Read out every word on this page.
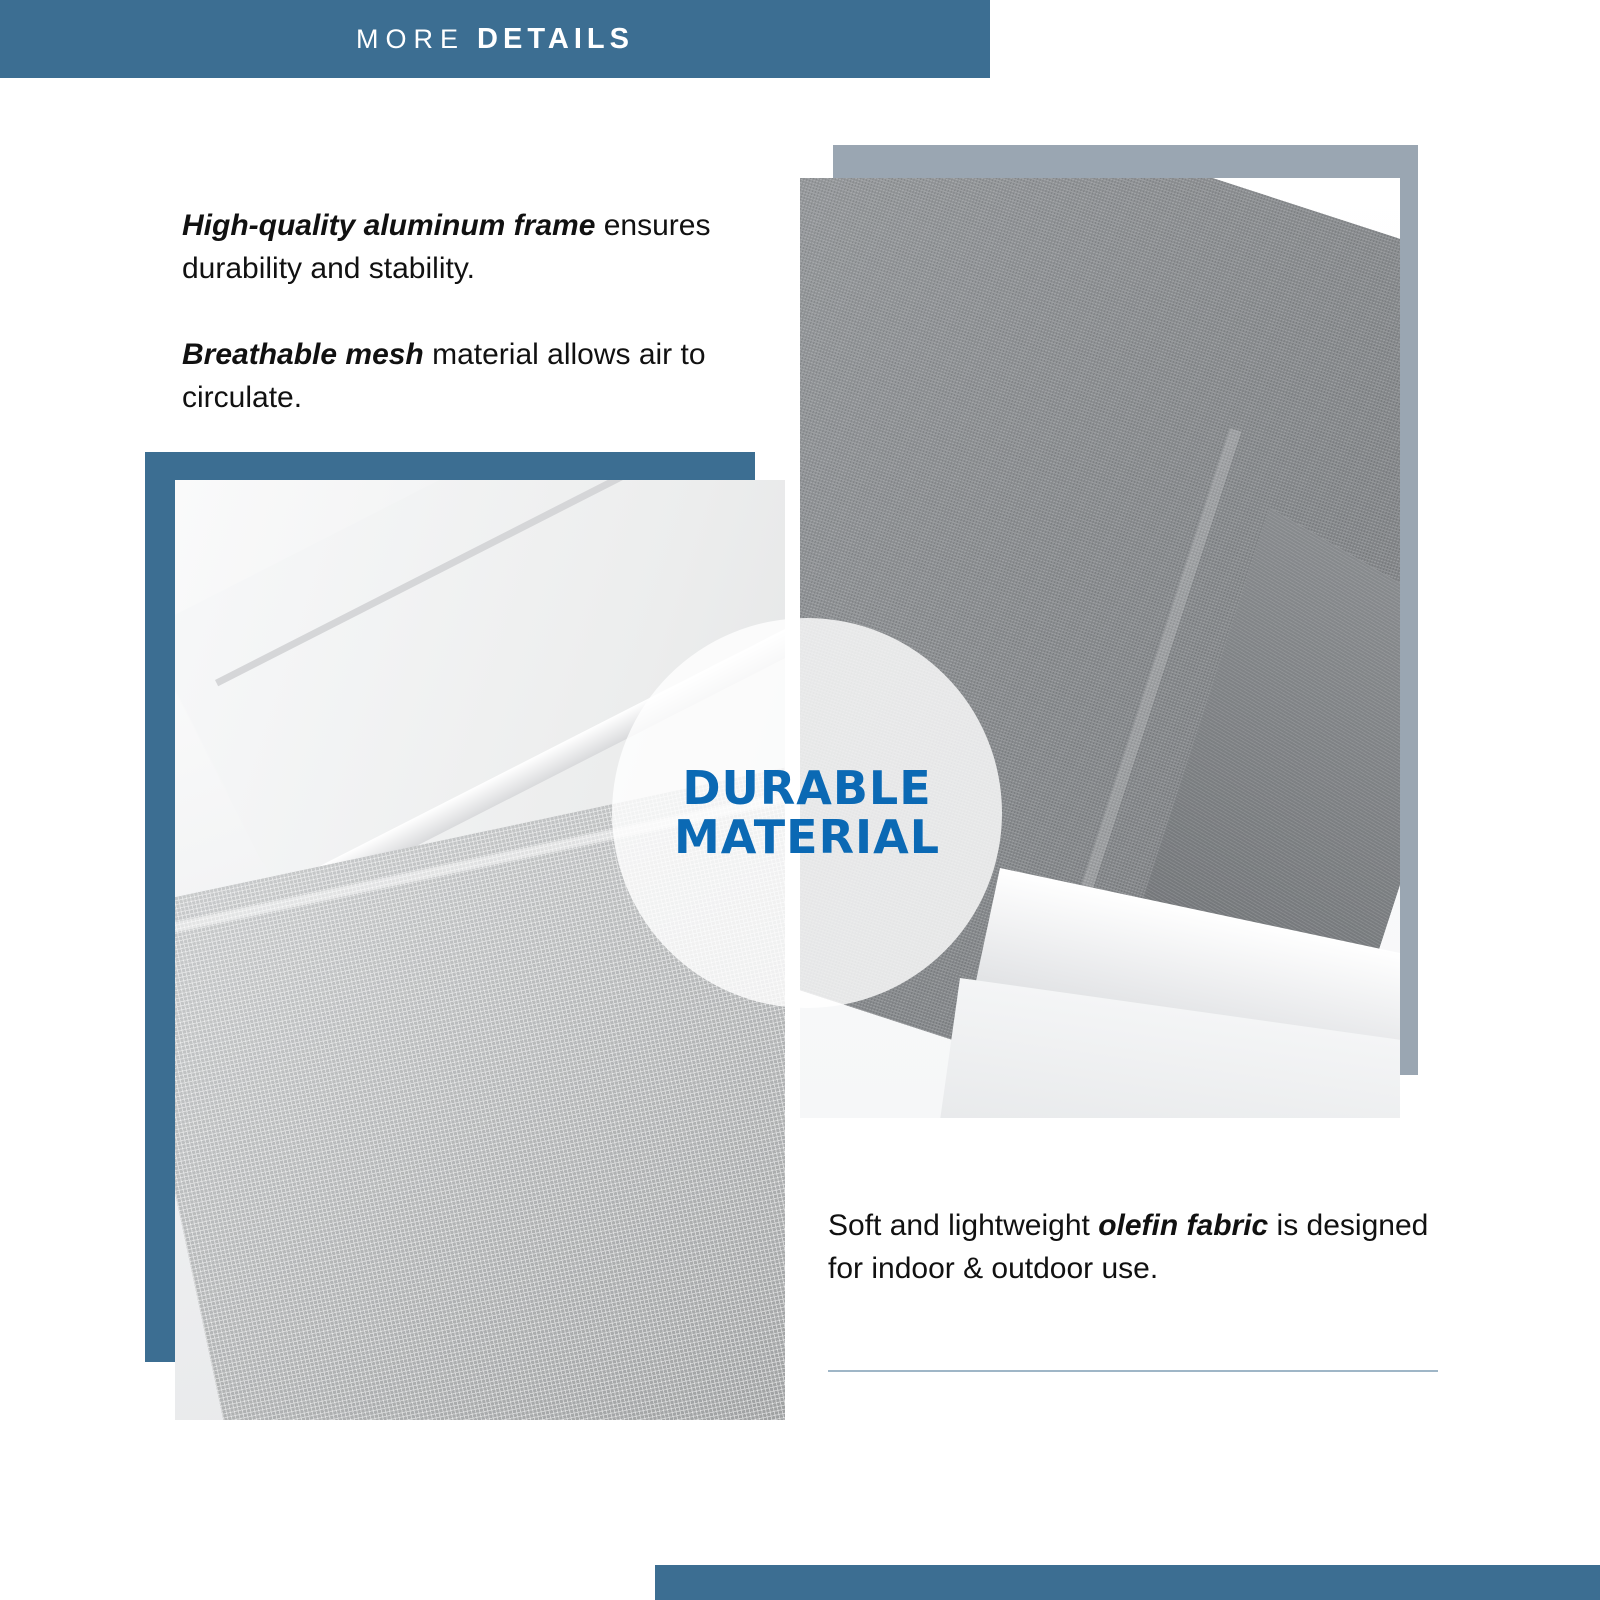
MORE DETAILS

High-quality aluminum frame ensures durability and stability.

Breathable mesh material allows air to circulate.

DURABLE
MATERIAL

Soft and lightweight olefin fabric is designed for indoor & outdoor use.
